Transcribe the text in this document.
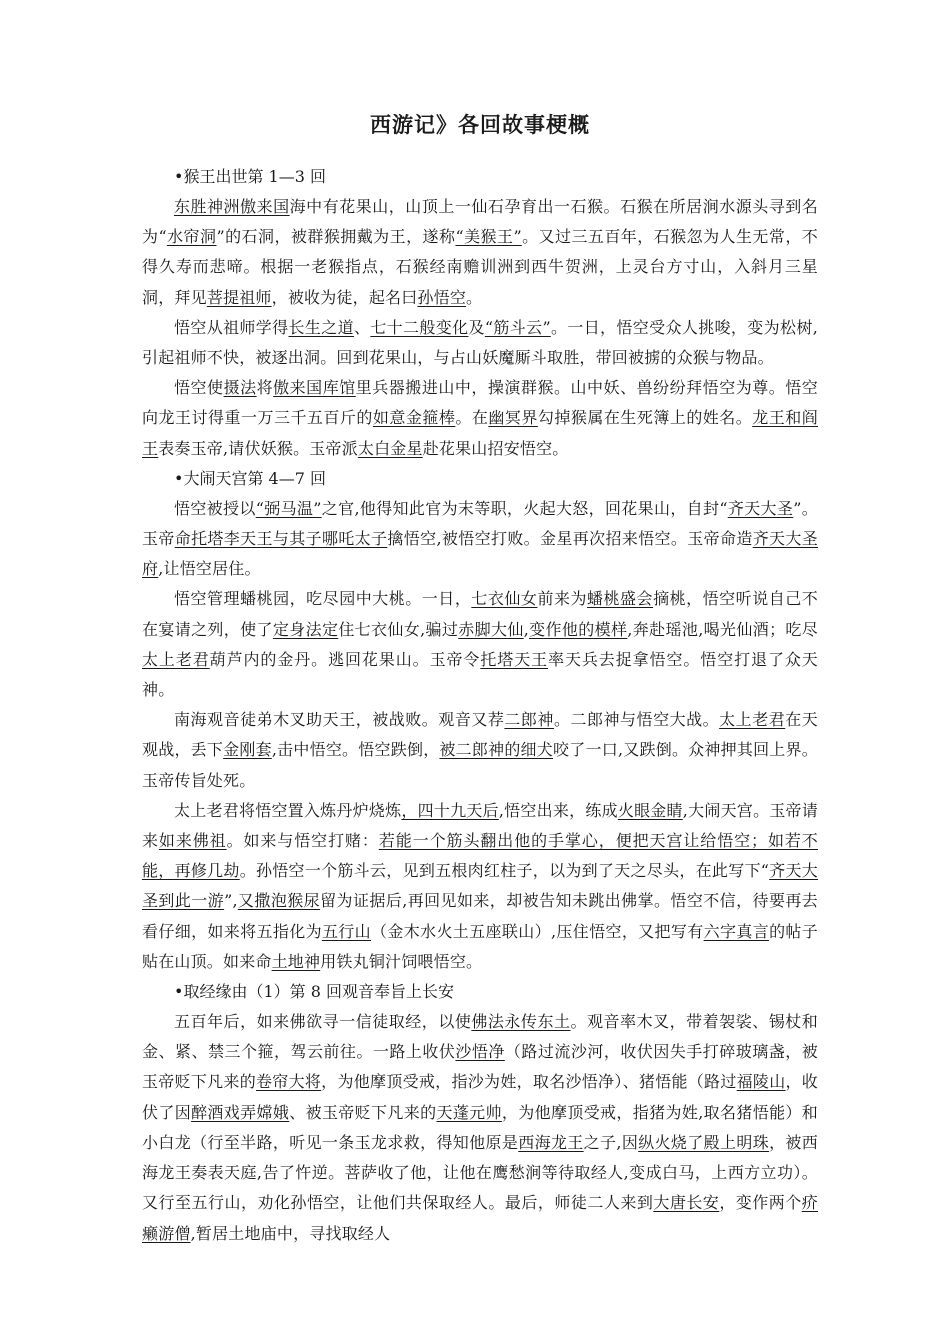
西游记》各回故事梗概

•猴王出世第 1—3 回

东胜神洲傲来国海中有花果山，山顶上一仙石孕育出一石猴。石猴在所居涧水源头寻到名为“水帘洞”的石洞，被群猴拥戴为王，遂称“美猴王”。又过三五百年，石猴忽为人生无常，不得久寿而悲啼。根据一老猴指点，石猴经南赡训洲到西牛贺洲，上灵台方寸山，入斜月三星洞，拜见菩提祖师，被收为徒，起名曰孙悟空。

悟空从祖师学得长生之道、七十二般变化及“筋斗云”。一日，悟空受众人挑唆，变为松树,引起祖师不快，被逐出洞。回到花果山，与占山妖魔厮斗取胜，带回被掳的众猴与物品。

悟空使摄法将傲来国库馆里兵器搬进山中，操演群猴。山中妖、兽纷纷拜悟空为尊。悟空向龙王讨得重一万三千五百斤的如意金箍棒。在幽冥界勾掉猴属在生死簿上的姓名。龙王和阎王表奏玉帝,请伏妖猴。玉帝派太白金星赴花果山招安悟空。

•大闹天宫第 4—7 回

悟空被授以“弼马温”之官,他得知此官为末等职，火起大怒，回花果山，自封“齐天大圣”。玉帝命托塔李天王与其子哪吒太子擒悟空,被悟空打败。金星再次招来悟空。玉帝命造齐天大圣府,让悟空居住。

悟空管理蟠桃园，吃尽园中大桃。一日，七衣仙女前来为蟠桃盛会摘桃，悟空听说自己不在宴请之列，使了定身法定住七衣仙女,骗过赤脚大仙,变作他的模样,奔赴瑶池,喝光仙酒；吃尽太上老君葫芦内的金丹。逃回花果山。玉帝令托塔天王率天兵去捉拿悟空。悟空打退了众天神。

南海观音徒弟木叉助天王，被战败。观音又荐二郎神。二郎神与悟空大战。太上老君在天观战，丢下金刚套,击中悟空。悟空跌倒，被二郎神的细犬咬了一口,又跌倒。众神押其回上界。玉帝传旨处死。

太上老君将悟空置入炼丹炉烧炼，四十九天后,悟空出来，练成火眼金睛,大闹天宫。玉帝请来如来佛祖。如来与悟空打赌：若能一个筋头翻出他的手掌心，便把天宫让给悟空；如若不能，再修几劫。孙悟空一个筋斗云，见到五根肉红柱子，以为到了天之尽头，在此写下“齐天大圣到此一游”,又撒泡猴尿留为证据后,再回见如来，却被告知未跳出佛掌。悟空不信，待要再去看仔细，如来将五指化为五行山（金木水火土五座联山）,压住悟空，又把写有六字真言的帖子贴在山顶。如来命土地神用铁丸铜汁饲喂悟空。

•取经缘由（1）第 8 回观音奉旨上长安

五百年后，如来佛欲寻一信徒取经，以使佛法永传东土。观音率木叉，带着袈裟、锡杖和金、紧、禁三个箍，驾云前往。一路上收伏沙悟净（路过流沙河，收伏因失手打碎玻璃盏，被玉帝贬下凡来的卷帘大将，为他摩顶受戒，指沙为姓，取名沙悟净）、猪悟能（路过福陵山，收伏了因醉酒戏弄嫦娥、被玉帝贬下凡来的天蓬元帅，为他摩顶受戒，指猪为姓,取名猪悟能）和小白龙（行至半路，听见一条玉龙求救，得知他原是西海龙王之子,因纵火烧了殿上明珠，被西海龙王奏表天庭,告了忤逆。菩萨收了他，让他在鹰愁涧等待取经人,变成白马，上西方立功）。又行至五行山，劝化孙悟空，让他们共保取经人。最后，师徒二人来到大唐长安，变作两个疥癞游僧,暂居土地庙中，寻找取经人
